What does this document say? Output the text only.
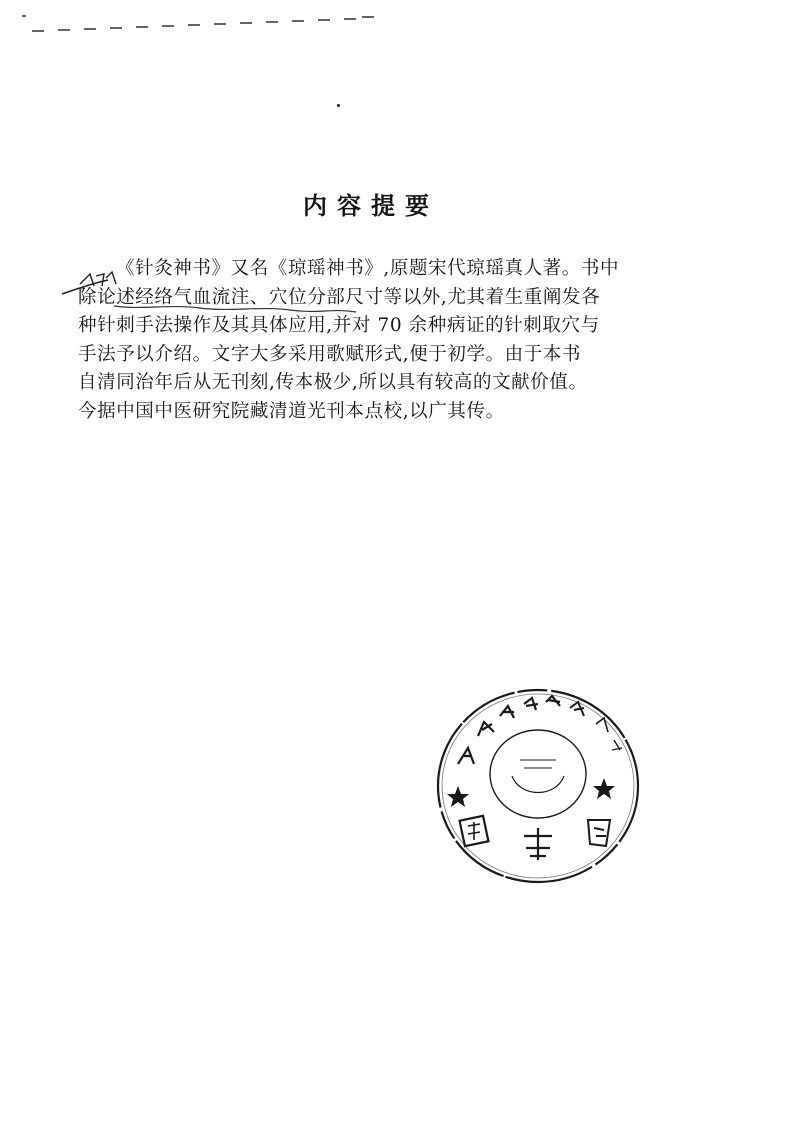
内容提要
《针灸神书》又名《琼瑶神书》,原题宋代琼瑶真人著。书中
除论述经络气血流注、穴位分部尺寸等以外,尤其着生重阐发各
种针刺手法操作及其具体应用,并对 70 余种病证的针刺取穴与
手法予以介绍。文字大多采用歌赋形式,便于初学。由于本书
自清同治年后从无刊刻,传本极少,所以具有较高的文献价值。
今据中国中医研究院藏清道光刊本点校,以广其传。
